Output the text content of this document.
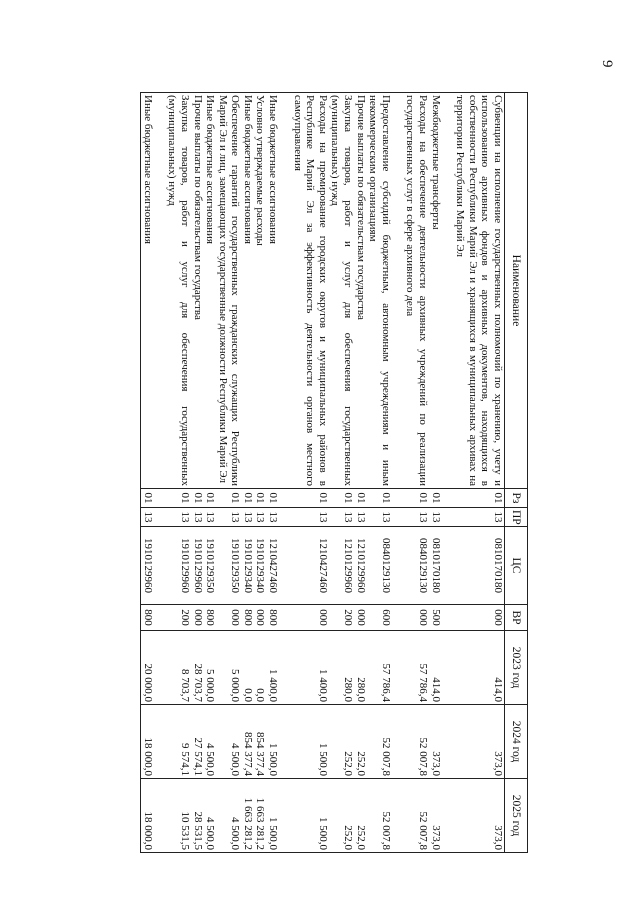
9
Наименование	Рз	ПР	ЦС	ВР	2023 год	2024 год	2025 год
Субвенции на исполнение государственных полномочий по хранению, учету и использованию архивных фондов и архивных документов, находящихся в собственности Республики Марий Эл и хранящихся в муниципальных архивах на территории Республики Марий Эл	01	13	0810170180	000	414,0	373,0	373,0

Межбюджетные трансферты	01	13	0810170180	500	414,0	373,0	373,0
Расходы на обеспечение деятельности архивных учреждений по реализации государственных услуг в сфере архивного дела	01	13	0840129130	000	57 786,4	52 007,8	52 007,8

Предоставление субсидий бюджетным, автономным учреждениям и иным некоммерческим организациям	01	13	0840129130	600	57 786,4	52 007,8	52 007,8
Прочие выплаты по обязательствам государства	01	13	1210129960	000	280,0	252,0	252,0
Закупка товаров, работ и услуг для обеспечения государственных (муниципальных) нужд	01	13	1210129960	200	280,0	252,0	252,0
Расходы на премирование городских округов и муниципальных районов в Республике Марий Эл за эффективность деятельности органов местного самоуправления	01	13	1210427460	000	1 400,0	1 500,0	1 500,0

Иные бюджетные ассигнования	01	13	1210427460	800	1 400,0	1 500,0	1 500,0
Условно утверждаемые расходы	01	13	1910129340	000	0,0	854 377,4	1 663 281,2
Иные бюджетные ассигнования	01	13	1910129340	800	0,0	854 377,4	1 663 281,2
Обеспечение гарантий государственных гражданских служащих Республики Марий Эл и лиц, замещающих государственные должности Республики Марий Эл	01	13	1910129350	000	5 000,0	4 500,0	4 500,0
Иные бюджетные ассигнования	01	13	1910129350	800	5 000,0	4 500,0	4 500,0
Прочие выплаты по обязательствам государства	01	13	1910129960	000	28 703,7	27 574,1	28 531,5
Закупка товаров, работ и услуг для обеспечения государственных (муниципальных) нужд	01	13	1910129960	200	8 703,7	9 574,1	10 531,5

Иные бюджетные ассигнования	01	13	1910129960	800	20 000,0	18 000,0	18 000,0
